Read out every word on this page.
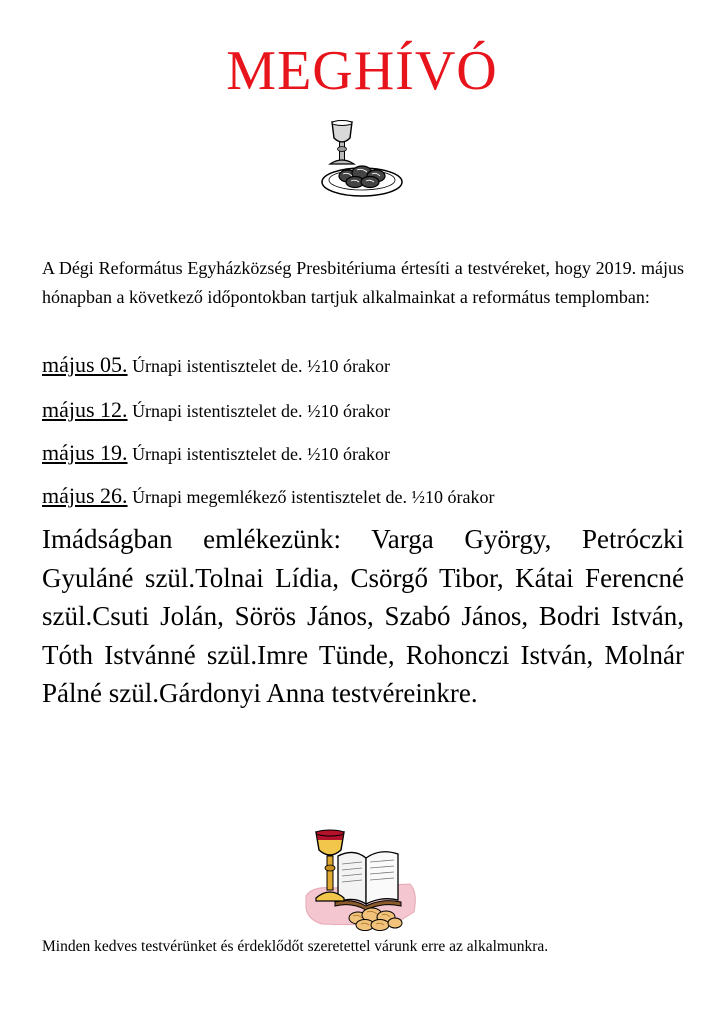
MEGHÍVÓ

A Dégi Református Egyházközség Presbitériuma értesíti a testvéreket, hogy 2019. május hónapban a következő időpontokban tartjuk alkalmainkat a református templomban:

május 05. Úrnapi istentisztelet de. ½10 órakor
május 12. Úrnapi istentisztelet de. ½10 órakor
május 19. Úrnapi istentisztelet de. ½10 órakor
május 26. Úrnapi megemlékező istentisztelet de. ½10 órakor

Imádságban emlékezünk: Varga György, Petróczki Gyuláné szül.Tolnai Lídia, Csörgő Tibor, Kátai Ferencné szül.Csuti Jolán, Sörös János, Szabó János, Bodri István, Tóth Istvánné szül.Imre Tünde, Rohonczi István, Molnár Pálné szül.Gárdonyi Anna testvéreinkre.

Minden kedves testvérünket és érdeklődőt szeretettel várunk erre az alkalmunkra.
